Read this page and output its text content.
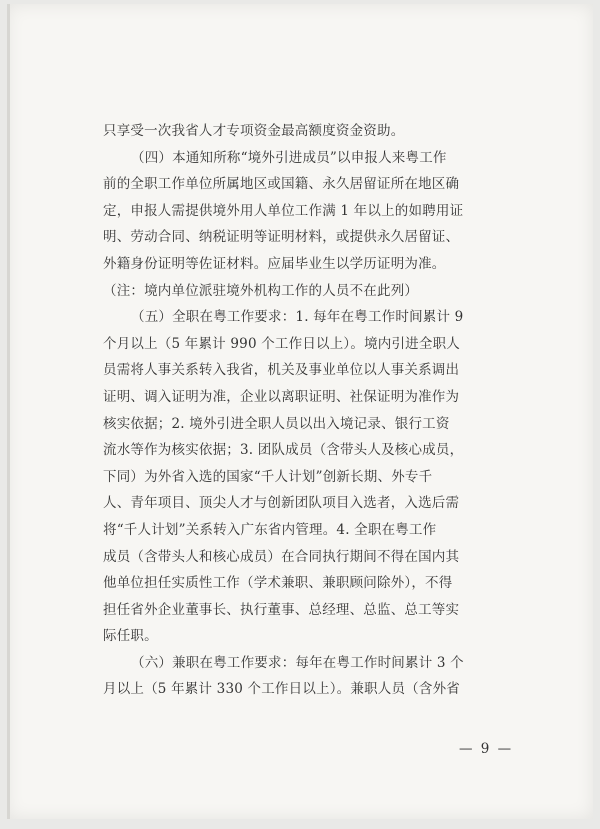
只享受一次我省人才专项资金最高额度资金资助。
（四）本通知所称“境外引进成员”以申报人来粤工作
前的全职工作单位所属地区或国籍、永久居留证所在地区确
定，申报人需提供境外用人单位工作满 1 年以上的如聘用证
明、劳动合同、纳税证明等证明材料，或提供永久居留证、
外籍身份证明等佐证材料。应届毕业生以学历证明为准。
（注：境内单位派驻境外机构工作的人员不在此列）
（五）全职在粤工作要求：1. 每年在粤工作时间累计 9
个月以上（5 年累计 990 个工作日以上）。境内引进全职人
员需将人事关系转入我省，机关及事业单位以人事关系调出
证明、调入证明为准，企业以离职证明、社保证明为准作为
核实依据；2. 境外引进全职人员以出入境记录、银行工资
流水等作为核实依据；3. 团队成员（含带头人及核心成员，
下同）为外省入选的国家“千人计划”创新长期、外专千
人、青年项目、顶尖人才与创新团队项目入选者，入选后需
将“千人计划”关系转入广东省内管理。4. 全职在粤工作
成员（含带头人和核心成员）在合同执行期间不得在国内其
他单位担任实质性工作（学术兼职、兼职顾问除外），不得
担任省外企业董事长、执行董事、总经理、总监、总工等实
际任职。
（六）兼职在粤工作要求：每年在粤工作时间累计 3 个
月以上（5 年累计 330 个工作日以上）。兼职人员（含外省
— 9 —
